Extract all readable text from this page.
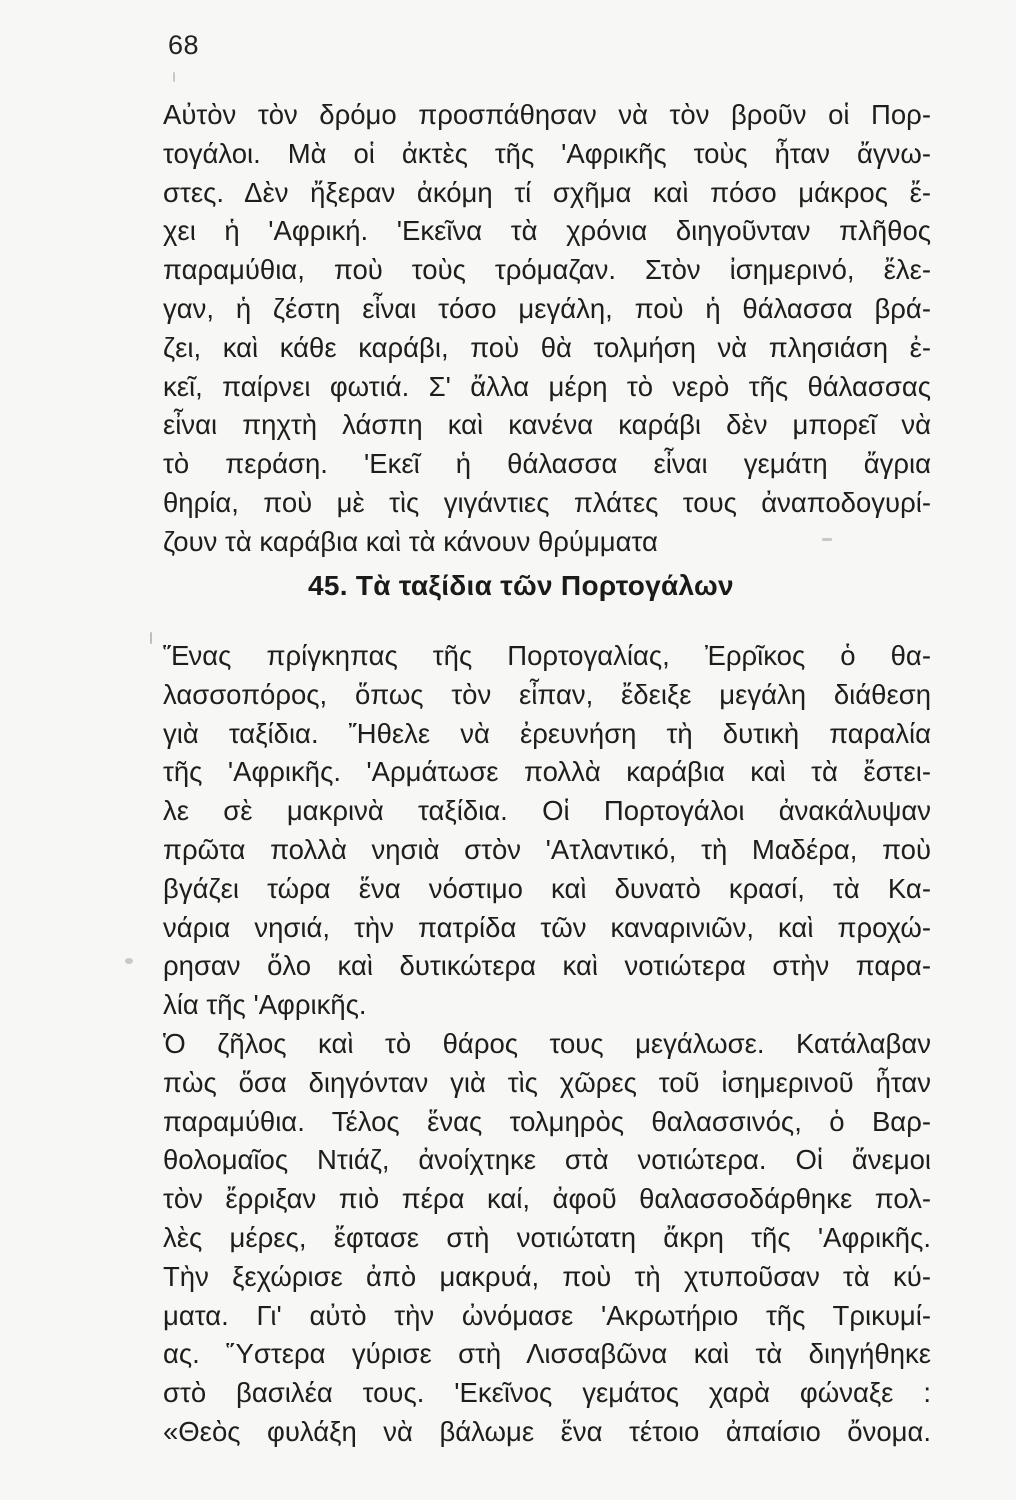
68
Αὐτὸν τὸν δρόμο προσπάθησαν νὰ τὸν βροῦν οἱ Πορ-
τογάλοι. Μὰ οἱ ἀκτὲς τῆς 'Αφρικῆς τοὺς ἦταν ἄγνω-
στες. Δὲν ἤξεραν ἀκόμη τί σχῆμα καὶ πόσο μάκρος ἔ-
χει ἡ 'Αφρική. 'Εκεῖνα τὰ χρόνια διηγοῦνταν πλῆθος
παραμύθια, ποὺ τοὺς τρόμαζαν. Στὸν ἰσημερινό, ἔλε-
γαν, ἡ ζέστη εἶναι τόσο μεγάλη, ποὺ ἡ θάλασσα βρά-
ζει, καὶ κάθε καράβι, ποὺ θὰ τολμήση νὰ πλησιάση ἐ-
κεῖ, παίρνει φωτιά. Σ' ἄλλα μέρη τὸ νερὸ τῆς θάλασσας
εἶναι πηχτὴ λάσπη καὶ κανένα καράβι δὲν μπορεῖ νὰ
τὸ περάση. 'Εκεῖ ἡ θάλασσα εἶναι γεμάτη ἄγρια
θηρία, ποὺ μὲ τὶς γιγάντιες πλάτες τους ἀναποδογυρί-
ζουν τὰ καράβια καὶ τὰ κάνουν θρύμματα
45. Τὰ ταξίδια τῶν Πορτογάλων
Ἕνας πρίγκηπας τῆς Πορτογαλίας, Ἐρρῖκος ὁ θα-
λασσοπόρος, ὅπως τὸν εἶπαν, ἔδειξε μεγάλη διάθεση
γιὰ ταξίδια. Ἤθελε νὰ ἐρευνήση τὴ δυτικὴ παραλία
τῆς 'Αφρικῆς. 'Αρμάτωσε πολλὰ καράβια καὶ τὰ ἔστει-
λε σὲ μακρινὰ ταξίδια. Οἱ Πορτογάλοι ἀνακάλυψαν
πρῶτα πολλὰ νησιὰ στὸν 'Ατλαντικό, τὴ Μαδέρα, ποὺ
βγάζει τώρα ἕνα νόστιμο καὶ δυνατὸ κρασί, τὰ Κα-
νάρια νησιά, τὴν πατρίδα τῶν καναρινιῶν, καὶ προχώ-
ρησαν ὅλο καὶ δυτικώτερα καὶ νοτιώτερα στὴν παρα-
λία τῆς 'Αφρικῆς.
Ὁ ζῆλος καὶ τὸ θάρος τους μεγάλωσε. Κατάλαβαν
πὼς ὅσα διηγόνταν γιὰ τὶς χῶρες τοῦ ἰσημερινοῦ ἦταν
παραμύθια. Τέλος ἕνας τολμηρὸς θαλασσινός, ὁ Βαρ-
θολομαῖος Ντιάζ, ἀνοίχτηκε στὰ νοτιώτερα. Οἱ ἄνεμοι
τὸν ἔρριξαν πιὸ πέρα καί, ἀφοῦ θαλασσοδάρθηκε πολ-
λὲς μέρες, ἔφτασε στὴ νοτιώτατη ἄκρη τῆς 'Αφρικῆς.
Τὴν ξεχώρισε ἀπὸ μακρυά, ποὺ τὴ χτυποῦσαν τὰ κύ-
ματα. Γι' αὐτὸ τὴν ὠνόμασε 'Ακρωτήριο τῆς Τρικυμί-
ας. Ὕστερα γύρισε στὴ Λισσαβῶνα καὶ τὰ διηγήθηκε
στὸ βασιλέα τους. 'Εκεῖνος γεμάτος χαρὰ φώναξε :
«Θεὸς φυλάξη νὰ βάλωμε ἕνα τέτοιο ἀπαίσιο ὄνομα.
